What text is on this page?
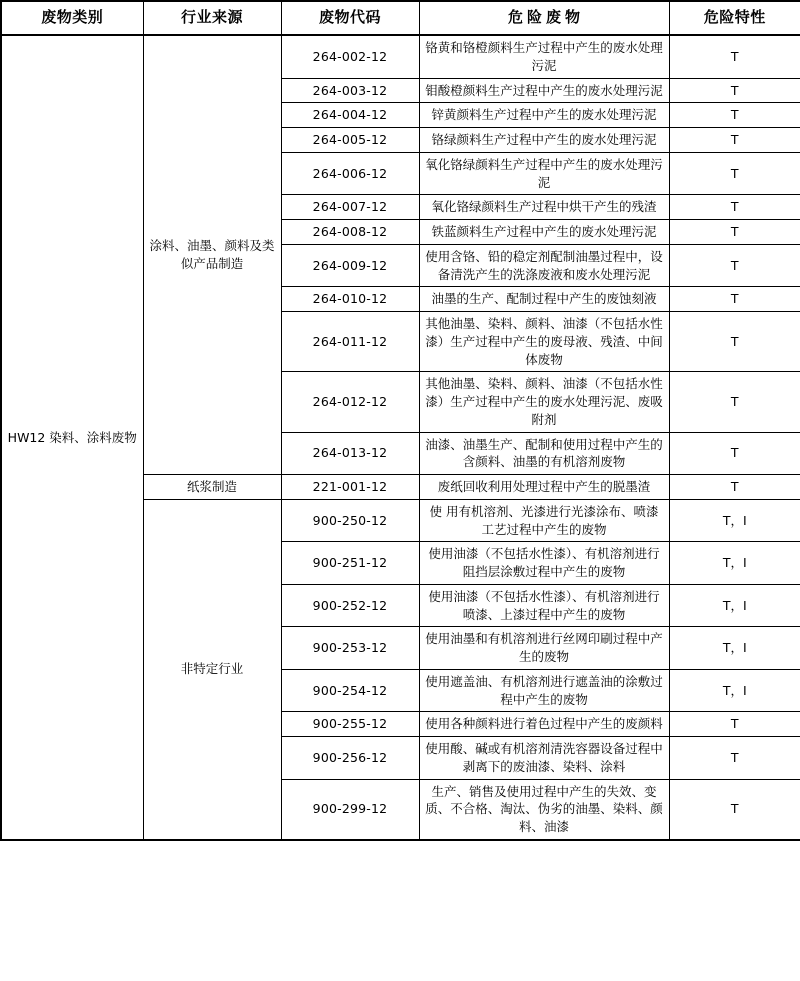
废物类别	行业来源	废物代码	危险废物	危险特性
HW12 染料、涂料废物	涂料、油墨、颜料及类似产品制造	264-002-12	铬黄和铬橙颜料生产过程中产生的废水处理污泥	T
		264-003-12	钼酸橙颜料生产过程中产生的废水处理污泥	T
		264-004-12	锌黄颜料生产过程中产生的废水处理污泥	T
		264-005-12	铬绿颜料生产过程中产生的废水处理污泥	T
		264-006-12	氧化铬绿颜料生产过程中产生的废水处理污泥	T
		264-007-12	氧化铬绿颜料生产过程中烘干产生的残渣	T
		264-008-12	铁蓝颜料生产过程中产生的废水处理污泥	T
		264-009-12	使用含铬、铅的稳定剂配制油墨过程中，设备清洗产生的洗涤废液和废水处理污泥	T
		264-010-12	油墨的生产、配制过程中产生的废蚀刻液	T
		264-011-12	其他油墨、染料、颜料、油漆（不包括水性漆）生产过程中产生的废母液、残渣、中间体废物	T
		264-012-12	其他油墨、染料、颜料、油漆（不包括水性漆）生产过程中产生的废水处理污泥、废吸附剂	T
		264-013-12	油漆、油墨生产、配制和使用过程中产生的含颜料、油墨的有机溶剂废物	T
	纸浆制造	221-001-12	废纸回收利用处理过程中产生的脱墨渣	T
	非特定行业	900-250-12	使 用有机溶剂、光漆进行光漆涂布、喷漆工艺过程中产生的废物	T，I
		900-251-12	使用油漆（不包括水性漆）、有机溶剂进行阻挡层涂敷过程中产生的废物	T，I
		900-252-12	使用油漆（不包括水性漆）、有机溶剂进行喷漆、上漆过程中产生的废物	T，I
		900-253-12	使用油墨和有机溶剂进行丝网印刷过程中产生的废物	T，I
		900-254-12	使用遮盖油、有机溶剂进行遮盖油的涂敷过程中产生的废物	T，I
		900-255-12	使用各种颜料进行着色过程中产生的废颜料	T
		900-256-12	使用酸、碱或有机溶剂清洗容器设备过程中剥离下的废油漆、染料、涂料	T
		900-299-12	生产、销售及使用过程中产生的失效、变质、不合格、淘汰、伪劣的油墨、染料、颜料、油漆	T
